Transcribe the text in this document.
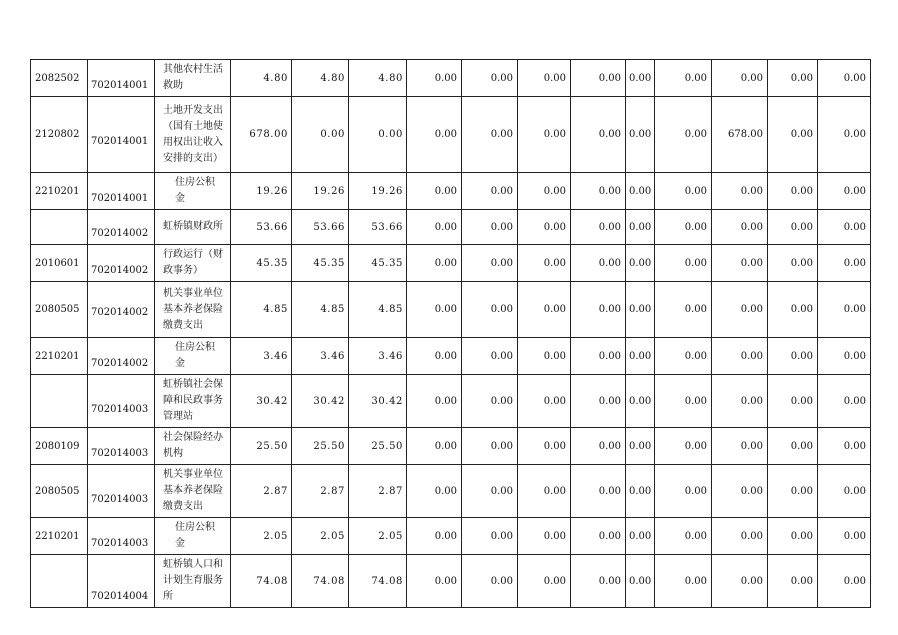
2082502	702014001	其他农村生活救助	4.80	4.80	4.80	0.00	0.00	0.00	0.00	0.00	0.00	0.00	0.00	0.00
2120802	702014001	土地开发支出（国有土地使用权出让收入安排的支出）	678.00	0.00	0.00	0.00	0.00	0.00	0.00	0.00	0.00	678.00	0.00	0.00
2210201	702014001	住房公积金	19.26	19.26	19.26	0.00	0.00	0.00	0.00	0.00	0.00	0.00	0.00	0.00
	702014002	虹桥镇财政所	53.66	53.66	53.66	0.00	0.00	0.00	0.00	0.00	0.00	0.00	0.00	0.00
2010601	702014002	行政运行（财政事务）	45.35	45.35	45.35	0.00	0.00	0.00	0.00	0.00	0.00	0.00	0.00	0.00
2080505	702014002	机关事业单位基本养老保险缴费支出	4.85	4.85	4.85	0.00	0.00	0.00	0.00	0.00	0.00	0.00	0.00	0.00
2210201	702014002	住房公积金	3.46	3.46	3.46	0.00	0.00	0.00	0.00	0.00	0.00	0.00	0.00	0.00
	702014003	虹桥镇社会保障和民政事务管理站	30.42	30.42	30.42	0.00	0.00	0.00	0.00	0.00	0.00	0.00	0.00	0.00
2080109	702014003	社会保险经办机构	25.50	25.50	25.50	0.00	0.00	0.00	0.00	0.00	0.00	0.00	0.00	0.00
2080505	702014003	机关事业单位基本养老保险缴费支出	2.87	2.87	2.87	0.00	0.00	0.00	0.00	0.00	0.00	0.00	0.00	0.00
2210201	702014003	住房公积金	2.05	2.05	2.05	0.00	0.00	0.00	0.00	0.00	0.00	0.00	0.00	0.00
	702014004	虹桥镇人口和计划生育服务所	74.08	74.08	74.08	0.00	0.00	0.00	0.00	0.00	0.00	0.00	0.00	0.00
